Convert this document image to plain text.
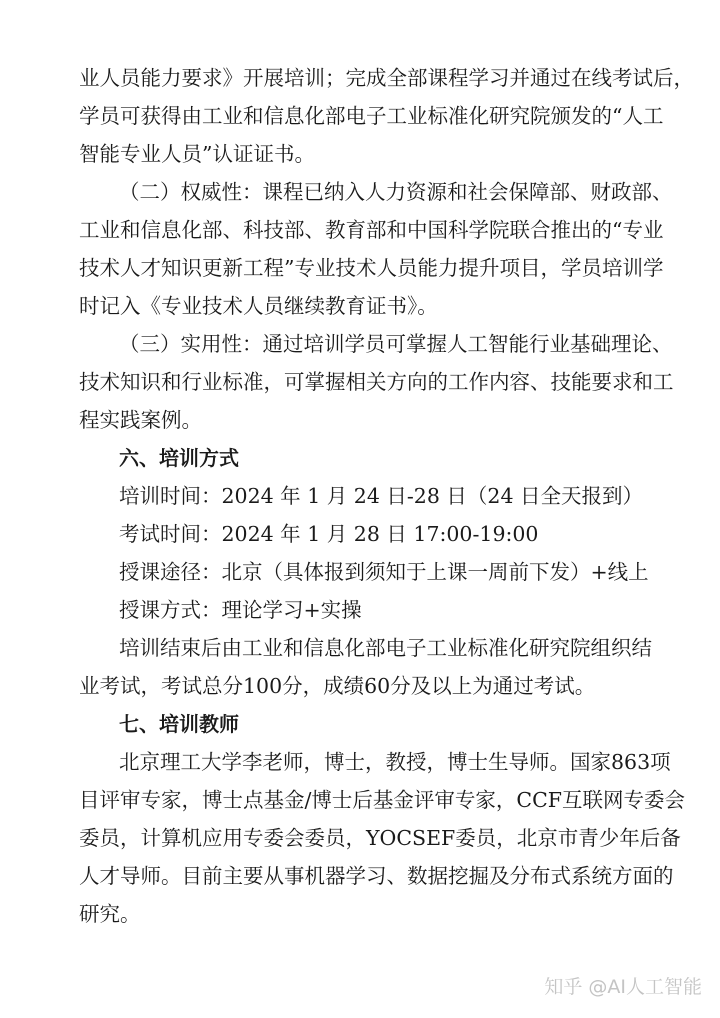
业人员能力要求》开展培训；完成全部课程学习并通过在线考试后，
学员可获得由工业和信息化部电子工业标准化研究院颁发的“人工
智能专业人员”认证证书。
（二）权威性：课程已纳入人力资源和社会保障部、财政部、
工业和信息化部、科技部、教育部和中国科学院联合推出的“专业
技术人才知识更新工程”专业技术人员能力提升项目，学员培训学
时记入《专业技术人员继续教育证书》。
（三）实用性：通过培训学员可掌握人工智能行业基础理论、
技术知识和行业标准，可掌握相关方向的工作内容、技能要求和工
程实践案例。
六、培训方式
培训时间：2024 年 1 月 24 日-28 日（24 日全天报到）
考试时间：2024 年 1 月 28 日 17:00-19:00
授课途径：北京（具体报到须知于上课一周前下发）+线上
授课方式：理论学习+实操
培训结束后由工业和信息化部电子工业标准化研究院组织结
业考试，考试总分100分，成绩60分及以上为通过考试。
七、培训教师
北京理工大学李老师，博士，教授，博士生导师。国家863项
目评审专家，博士点基金/博士后基金评审专家，CCF互联网专委会
委员，计算机应用专委会委员，YOCSEF委员，北京市青少年后备
人才导师。目前主要从事机器学习、数据挖掘及分布式系统方面的
研究。
知乎 @AI人工智能
